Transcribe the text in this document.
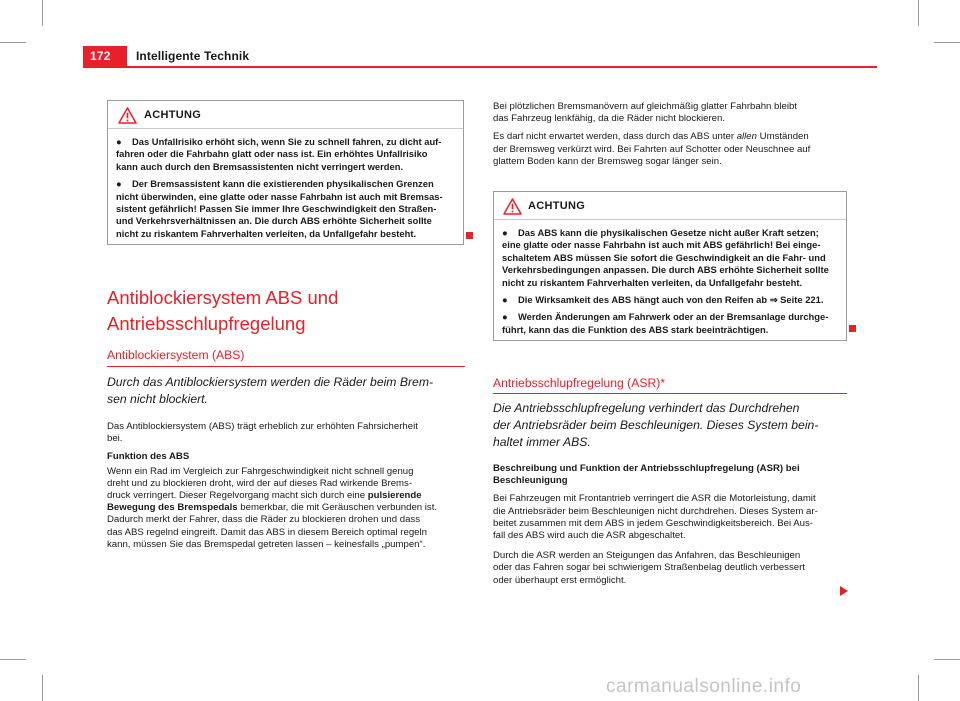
172 Intelligente Technik
ACHTUNG
● Das Unfallrisiko erhöht sich, wenn Sie zu schnell fahren, zu dicht auf-
fahren oder die Fahrbahn glatt oder nass ist. Ein erhöhtes Unfallrisiko
kann auch durch den Bremsassistenten nicht verringert werden.
● Der Bremsassistent kann die existierenden physikalischen Grenzen
nicht überwinden, eine glatte oder nasse Fahrbahn ist auch mit Bremsas-
sistent gefährlich! Passen Sie immer Ihre Geschwindigkeit den Straßen-
und Verkehrsverhältnissen an. Die durch ABS erhöhte Sicherheit sollte
nicht zu riskantem Fahrverhalten verleiten, da Unfallgefahr besteht.
Antiblockiersystem ABS und
Antriebsschlupfregelung
Antiblockiersystem (ABS)
Durch das Antiblockiersystem werden die Räder beim Brem-
sen nicht blockiert.

Das Antiblockiersystem (ABS) trägt erheblich zur erhöhten Fahrsicherheit
bei.

Funktion des ABS

Wenn ein Rad im Vergleich zur Fahrgeschwindigkeit nicht schnell genug
dreht und zu blockieren droht, wird der auf dieses Rad wirkende Brems-
druck verringert. Dieser Regelvorgang macht sich durch eine pulsierende
Bewegung des Bremspedals bemerkbar, die mit Geräuschen verbunden ist.
Dadurch merkt der Fahrer, dass die Räder zu blockieren drohen und dass
das ABS regelnd eingreift. Damit das ABS in diesem Bereich optimal regeln
kann, müssen Sie das Bremspedal getreten lassen – keinesfalls „pumpen“.

Bei plötzlichen Bremsmanövern auf gleichmäßig glatter Fahrbahn bleibt
das Fahrzeug lenkfähig, da die Räder nicht blockieren.

Es darf nicht erwartet werden, dass durch das ABS unter allen Umständen
der Bremsweg verkürzt wird. Bei Fahrten auf Schotter oder Neuschnee auf
glattem Boden kann der Bremsweg sogar länger sein.

ACHTUNG
● Das ABS kann die physikalischen Gesetze nicht außer Kraft setzen;
eine glatte oder nasse Fahrbahn ist auch mit ABS gefährlich! Bei einge-
schaltetem ABS müssen Sie sofort die Geschwindigkeit an die Fahr- und
Verkehrsbedingungen anpassen. Die durch ABS erhöhte Sicherheit sollte
nicht zu riskantem Fahrverhalten verleiten, da Unfallgefahr besteht.
● Die Wirksamkeit des ABS hängt auch von den Reifen ab ⇒ Seite 221.
● Werden Änderungen am Fahrwerk oder an der Bremsanlage durchge-
führt, kann das die Funktion des ABS stark beeinträchtigen.
Antriebsschlupfregelung (ASR)*
Die Antriebsschlupfregelung verhindert das Durchdrehen
der Antriebsräder beim Beschleunigen. Dieses System bein-
haltet immer ABS.

Beschreibung und Funktion der Antriebsschlupfregelung (ASR) bei
Beschleunigung

Bei Fahrzeugen mit Frontantrieb verringert die ASR die Motorleistung, damit
die Antriebsräder beim Beschleunigen nicht durchdrehen. Dieses System ar-
beitet zusammen mit dem ABS in jedem Geschwindigkeitsbereich. Bei Aus-
fall des ABS wird auch die ASR abgeschaltet.

Durch die ASR werden an Steigungen das Anfahren, das Beschleunigen
oder das Fahren sogar bei schwierigem Straßenbelag deutlich verbessert
oder überhaupt erst ermöglicht.

carmanualsonline.info
